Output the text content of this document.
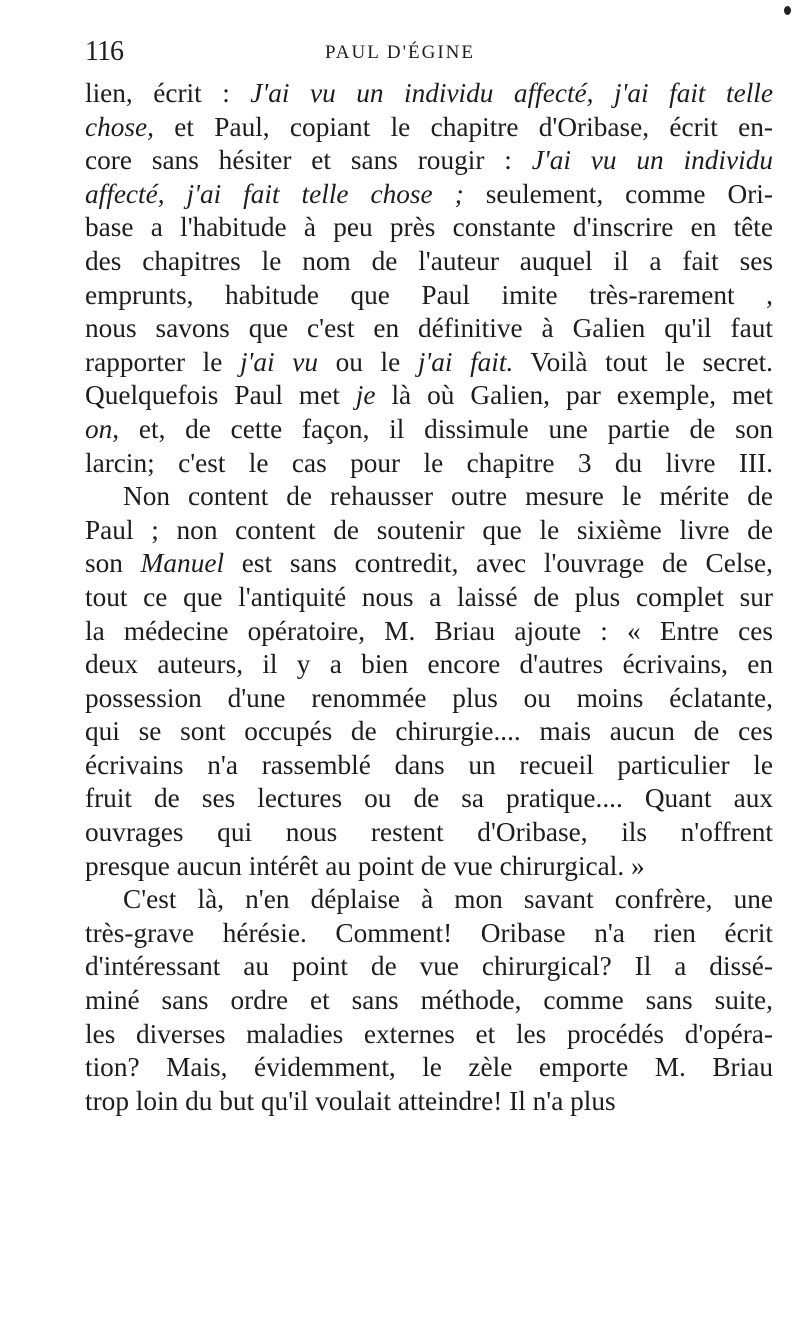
116	PAUL D'ÉGINE
lien, écrit : J'ai vu un individu affecté, j'ai fait telle
chose, et Paul, copiant le chapitre d'Oribase, écrit en-
core sans hésiter et sans rougir : J'ai vu un individu
affecté, j'ai fait telle chose ; seulement, comme Ori-
base a l'habitude à peu près constante d'inscrire en tête
des chapitres le nom de l'auteur auquel il a fait ses
emprunts, habitude que Paul imite très-rarement ,
nous savons que c'est en définitive à Galien qu'il faut
rapporter le j'ai vu ou le j'ai fait. Voilà tout le secret.
Quelquefois Paul met je là où Galien, par exemple, met
on, et, de cette façon, il dissimule une partie de son
larcin; c'est le cas pour le chapitre 3 du livre III.
Non content de rehausser outre mesure le mérite de
Paul ; non content de soutenir que le sixième livre de
son Manuel est sans contredit, avec l'ouvrage de Celse,
tout ce que l'antiquité nous a laissé de plus complet sur
la médecine opératoire, M. Briau ajoute : « Entre ces
deux auteurs, il y a bien encore d'autres écrivains, en
possession d'une renommée plus ou moins éclatante,
qui se sont occupés de chirurgie.... mais aucun de ces
écrivains n'a rassemblé dans un recueil particulier le
fruit de ses lectures ou de sa pratique.... Quant aux
ouvrages qui nous restent d'Oribase, ils n'offrent
presque aucun intérêt au point de vue chirurgical. »
C'est là, n'en déplaise à mon savant confrère, une
très-grave hérésie. Comment! Oribase n'a rien écrit
d'intéressant au point de vue chirurgical? Il a dissé-
miné sans ordre et sans méthode, comme sans suite,
les diverses maladies externes et les procédés d'opéra-
tion? Mais, évidemment, le zèle emporte M. Briau
trop loin du but qu'il voulait atteindre! Il n'a plus
